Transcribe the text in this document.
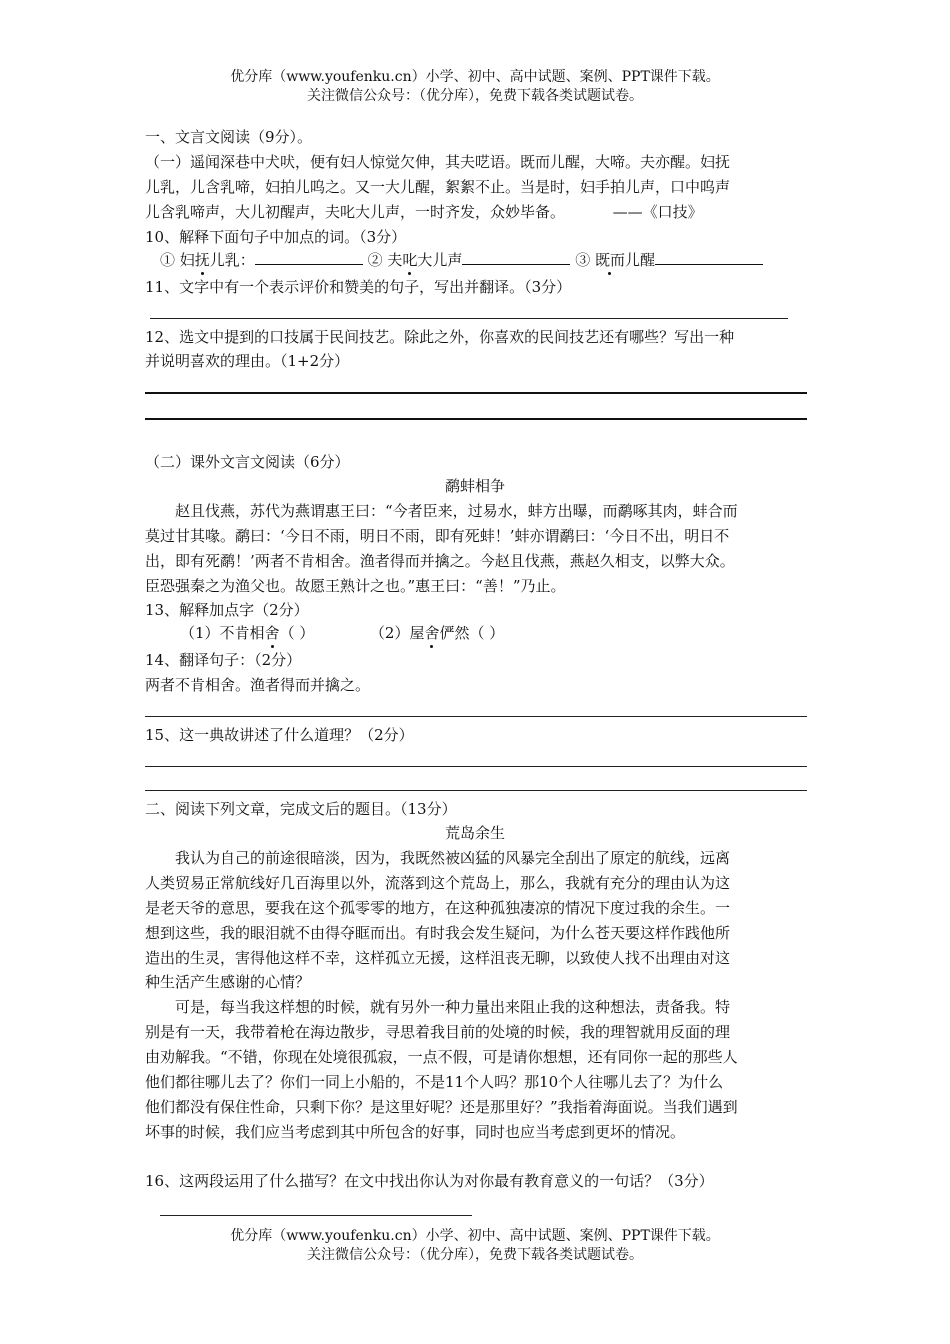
优分库（www.youfenku.cn）小学、初中、高中试题、案例、PPT课件下载。
关注微信公众号：（优分库），免费下载各类试题试卷。
一、文言文阅读（9分）。
（一）遥闻深巷中犬吠，便有妇人惊觉欠伸，其夫呓语。既而儿醒，大啼。夫亦醒。妇抚
儿乳，儿含乳啼，妇拍儿呜之。又一大儿醒，絮絮不止。当是时，妇手拍儿声，口中呜声
儿含乳啼声，大儿初醒声，夫叱大儿声，一时齐发，众妙毕备。	——《口技》
10、解释下面句子中加点的词。（3分）
① 妇抚儿乳：	② 夫叱大儿声	③ 既而儿醒
11、文字中有一个表示评价和赞美的句子，写出并翻译。（3分）
12、选文中提到的口技属于民间技艺。除此之外，你喜欢的民间技艺还有哪些？写出一种
并说明喜欢的理由。（1+2分）
（二）课外文言文阅读（6分）
鹬蚌相争
赵且伐燕，苏代为燕谓惠王曰：“今者臣来，过易水，蚌方出曝，而鹬啄其肉，蚌合而
莫过甘其喙。鹬曰：‘今日不雨，明日不雨，即有死蚌！’蚌亦谓鹬曰：‘今日不出，明日不
出，即有死鹬！’两者不肯相舍。渔者得而并擒之。今赵且伐燕，燕赵久相支，以弊大众。
臣恐强秦之为渔父也。故愿王熟计之也。”惠王曰：“善！”乃止。
13、解释加点字（2分）
（1）不肯相舍（ ）	（2）屋舍俨然（ ）
14、翻译句子：（2分）
两者不肯相舍。渔者得而并擒之。
15、这一典故讲述了什么道理？（2分）
二、阅读下列文章，完成文后的题目。（13分）
荒岛余生
我认为自己的前途很暗淡，因为，我既然被凶猛的风暴完全刮出了原定的航线，远离
人类贸易正常航线好几百海里以外，流落到这个荒岛上，那么，我就有充分的理由认为这
是老天爷的意思，要我在这个孤零零的地方，在这种孤独凄凉的情况下度过我的余生。一
想到这些，我的眼泪就不由得夺眶而出。有时我会发生疑问，为什么苍天要这样作践他所
造出的生灵，害得他这样不幸，这样孤立无援，这样沮丧无聊，以致使人找不出理由对这
种生活产生感谢的心情？
可是，每当我这样想的时候，就有另外一种力量出来阻止我的这种想法，责备我。特
别是有一天，我带着枪在海边散步，寻思着我目前的处境的时候，我的理智就用反面的理
由劝解我。“不错，你现在处境很孤寂，一点不假，可是请你想想，还有同你一起的那些人
他们都往哪儿去了？你们一同上小船的，不是11个人吗？那10个人往哪儿去了？为什么
他们都没有保住性命，只剩下你？是这里好呢？还是那里好？”我指着海面说。当我们遇到
坏事的时候，我们应当考虑到其中所包含的好事，同时也应当考虑到更坏的情况。
16、这两段运用了什么描写？在文中找出你认为对你最有教育意义的一句话？（3分）
优分库（www.youfenku.cn）小学、初中、高中试题、案例、PPT课件下载。
关注微信公众号：（优分库），免费下载各类试题试卷。
